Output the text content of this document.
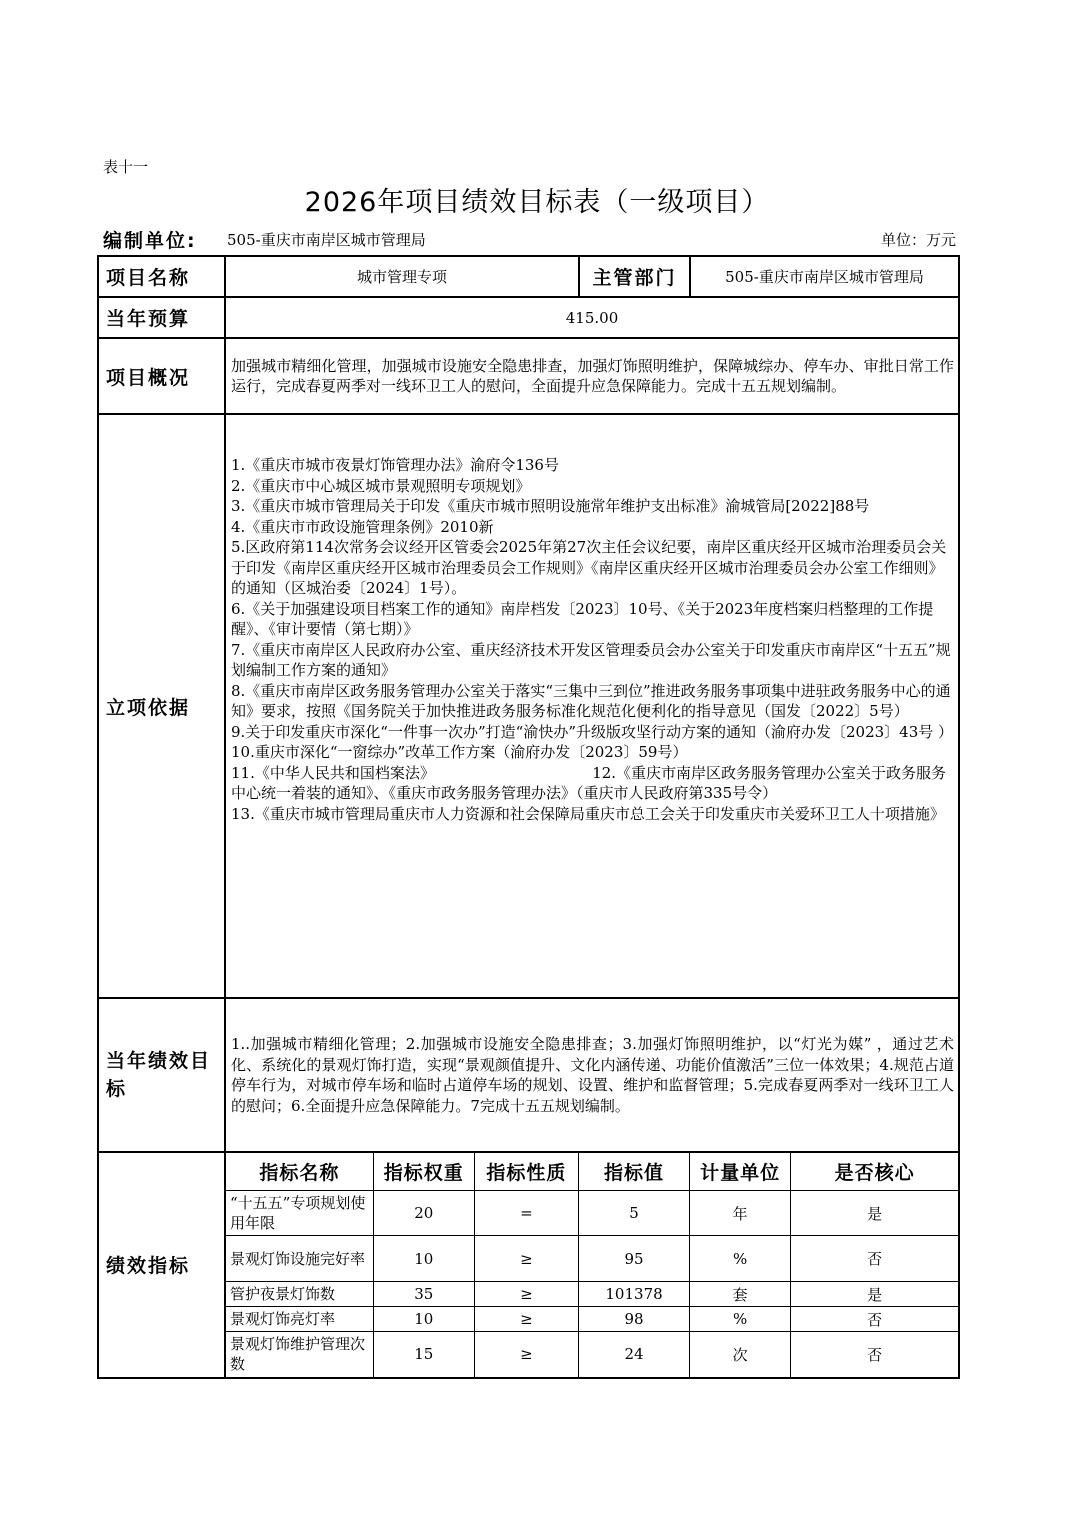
表十一
2026年项目绩效目标表（一级项目）
编制单位: 505-重庆市南岸区城市管理局	单位：万元
项目名称	城市管理专项	主管部门	505-重庆市南岸区城市管理局
当年预算	415.00
项目概况	加强城市精细化管理，加强城市设施安全隐患排查，加强灯饰照明维护，保障城综办、停车办、审批日常工作运行，完成春夏两季对一线环卫工人的慰问，全面提升应急保障能力。完成十五五规划编制。
立项依据	
1.《重庆市城市夜景灯饰管理办法》渝府令136号
2.《重庆市中心城区城市景观照明专项规划》
3.《重庆市城市管理局关于印发《重庆市城市照明设施常年维护支出标准》渝城管局[2022]88号
4.《重庆市市政设施管理条例》2010新
5.区政府第114次常务会议经开区管委会2025年第27次主任会议纪要，南岸区重庆经开区城市治理委员会关于印发《南岸区重庆经开区城市治理委员会工作规则》《南岸区重庆经开区城市治理委员会办公室工作细则》的通知（区城治委〔2024〕1号）。
6.《关于加强建设项目档案工作的通知》南岸档发〔2023〕10号、《关于2023年度档案归档整理的工作提醒》、《审计要情（第七期）》
7.《重庆市南岸区人民政府办公室、重庆经济技术开发区管理委员会办公室关于印发重庆市南岸区“十五五”规划编制工作方案的通知》
8.《重庆市南岸区政务服务管理办公室关于落实“三集中三到位”推进政务服务事项集中进驻政务服务中心的通知》要求，按照《国务院关于加快推进政务服务标准化规范化便利化的指导意见（国发〔2022〕5号）
9.关于印发重庆市深化“一件事一次办”打造“渝快办”升级版攻坚行动方案的通知（渝府办发〔2023〕43号 ）
10.重庆市深化“一窗综办”改革工作方案（渝府办发〔2023〕59号）
11.《中华人民共和国档案法》                                 12.《重庆市南岸区政务服务管理办公室关于政务服务中心统一着装的通知》、《重庆市政务服务管理办法》（重庆市人民政府第335号令）
13.《重庆市城市管理局重庆市人力资源和社会保障局重庆市总工会关于印发重庆市关爱环卫工人十项措施》

当年绩效目标	1..加强城市精细化管理；2.加强城市设施安全隐患排查；3.加强灯饰照明维护，以“灯光为媒” ，通过艺术化、系统化的景观灯饰打造，实现“景观颜值提升、文化内涵传递、功能价值激活”三位一体效果；4.规范占道停车行为，对城市停车场和临时占道停车场的规划、设置、维护和监督管理；5.完成春夏两季对一线环卫工人的慰问；6.全面提升应急保障能力。7完成十五五规划编制。
绩效指标	
指标名称	指标权重	指标性质	指标值	计量单位	是否核心
“十五五”专项规划使用年限	20	=	5	年	是
景观灯饰设施完好率	10	≥	95	%	否
管护夜景灯饰数	35	≥	101378	套	是
景观灯饰亮灯率	10	≥	98	%	否
景观灯饰维护管理次数	15	≥	24	次	否
